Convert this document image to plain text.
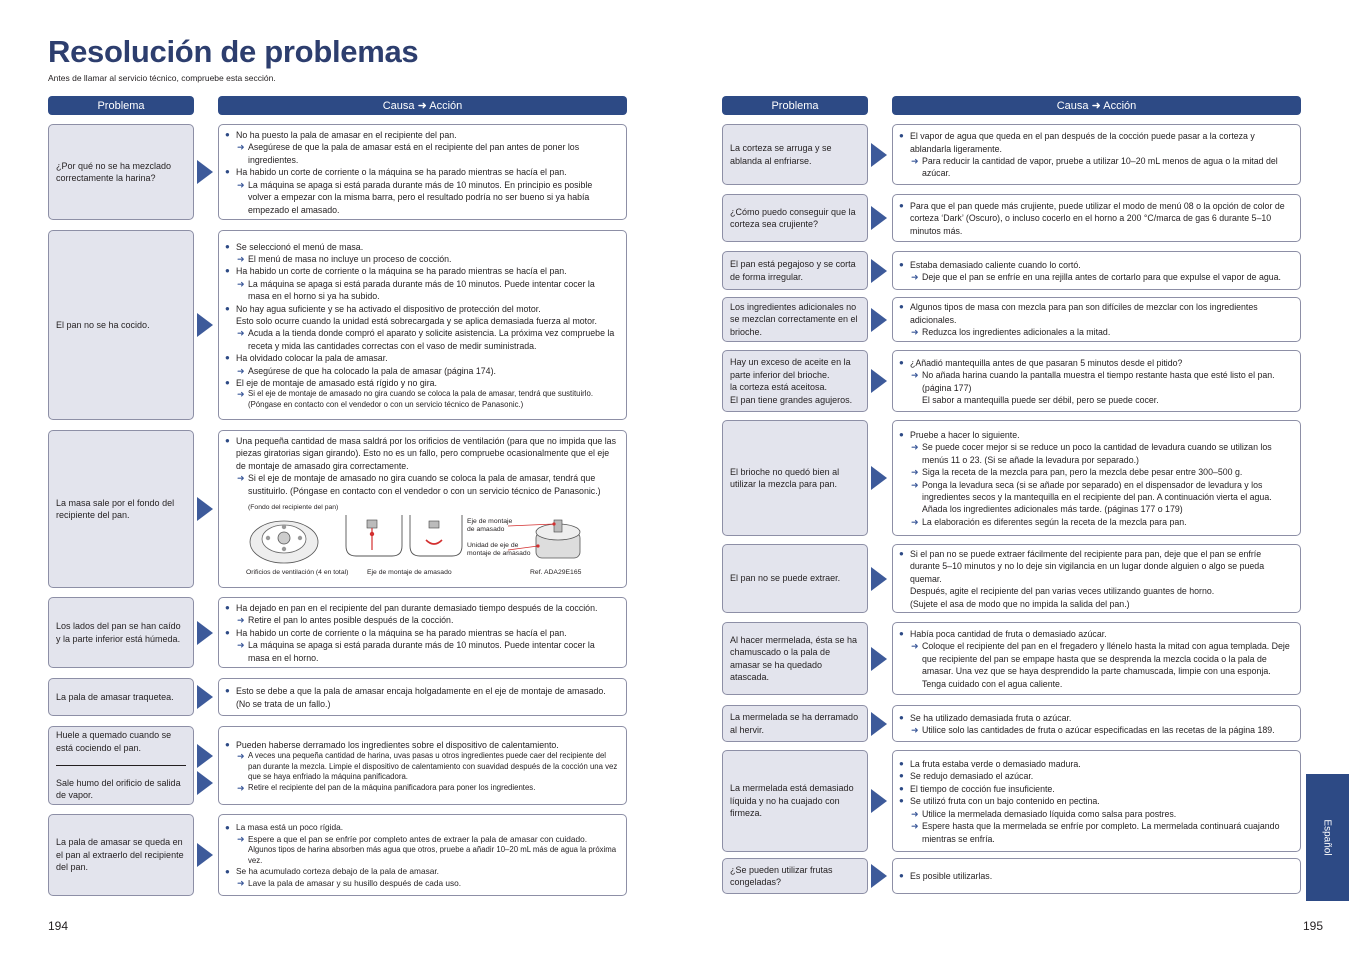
Resolución de problemas
Antes de llamar al servicio técnico, compruebe esta sección.
Problema	Causa ➜ Acción
¿Por qué no se ha mezclado correctamente la harina?
● No ha puesto la pala de amasar en el recipiente del pan.
➜ Asegúrese de que la pala de amasar está en el recipiente del pan antes de poner los ingredientes.
● Ha habido un corte de corriente o la máquina se ha parado mientras se hacía el pan.
➜ La máquina se apaga si está parada durante más de 10 minutos. En principio es posible volver a empezar con la misma barra, pero el resultado podría no ser bueno si ya había empezado el amasado.
El pan no se ha cocido.
● Se seleccionó el menú de masa.
➜ El menú de masa no incluye un proceso de cocción.
● Ha habido un corte de corriente o la máquina se ha parado mientras se hacía el pan.
➜ La máquina se apaga si está parada durante más de 10 minutos. Puede intentar cocer la masa en el horno si ya ha subido.
● No hay agua suficiente y se ha activado el dispositivo de protección del motor.
Esto solo ocurre cuando la unidad está sobrecargada y se aplica demasiada fuerza al motor.
➜ Acuda a la tienda donde compró el aparato y solicite asistencia. La próxima vez compruebe la receta y mida las cantidades correctas con el vaso de medir suministrada.
● Ha olvidado colocar la pala de amasar.
➜ Asegúrese de que ha colocado la pala de amasar (página 174).
● El eje de montaje de amasado está rígido y no gira.
➜ Si el eje de montaje de amasado no gira cuando se coloca la pala de amasar, tendrá que sustituirlo. (Póngase en contacto con el vendedor o con un servicio técnico de Panasonic.)
La masa sale por el fondo del recipiente del pan.
● Una pequeña cantidad de masa saldrá por los orificios de ventilación (para que no impida que las piezas giratorias sigan girando). Esto no es un fallo, pero compruebe ocasionalmente que el eje de montaje de amasado gira correctamente.
➜ Si el eje de montaje de amasado no gira cuando se coloca la pala de amasar, tendrá que sustituirlo. (Póngase en contacto con el vendedor o con un servicio técnico de Panasonic.)
Los lados del pan se han caído y la parte inferior está húmeda.
● Ha dejado en pan en el recipiente del pan durante demasiado tiempo después de la cocción.
➜ Retire el pan lo antes posible después de la cocción.
● Ha habido un corte de corriente o la máquina se ha parado mientras se hacía el pan.
➜ La máquina se apaga si está parada durante más de 10 minutos. Puede intentar cocer la masa en el horno.
La pala de amasar traquetea.
● Esto se debe a que la pala de amasar encaja holgadamente en el eje de montaje de amasado. (No se trata de un fallo.)
Huele a quemado cuando se está cociendo el pan.
Sale humo del orificio de salida de vapor.
● Pueden haberse derramado los ingredientes sobre el dispositivo de calentamiento.
➜ A veces una pequeña cantidad de harina, uvas pasas u otros ingredientes puede caer del recipiente del pan durante la mezcla. Limpie el dispositivo de calentamiento con suavidad después de la cocción una vez que se haya enfriado la máquina panificadora.
➜ Retire el recipiente del pan de la máquina panificadora para poner los ingredientes.
La pala de amasar se queda en el pan al extraerlo del recipiente del pan.
● La masa está un poco rígida.
➜ Espere a que el pan se enfríe por completo antes de extraer la pala de amasar con cuidado.
Algunos tipos de harina absorben más agua que otros, pruebe a añadir 10–20 mL más de agua la próxima vez.
● Se ha acumulado corteza debajo de la pala de amasar.
➜ Lave la pala de amasar y su husillo después de cada uso.
Problema	Causa ➜ Acción
La corteza se arruga y se ablanda al enfriarse.
● El vapor de agua que queda en el pan después de la cocción puede pasar a la corteza y ablandarla ligeramente.
➜ Para reducir la cantidad de vapor, pruebe a utilizar 10–20 mL menos de agua o la mitad del azúcar.
¿Cómo puedo conseguir que la corteza sea crujiente?
● Para que el pan quede más crujiente, puede utilizar el modo de menú 08 o la opción de color de corteza ‘Dark’ (Oscuro), o incluso cocerlo en el horno a 200 °C/marca de gas 6 durante 5–10 minutos más.
El pan está pegajoso y se corta de forma irregular.
● Estaba demasiado caliente cuando lo cortó.
➜ Deje que el pan se enfríe en una rejilla antes de cortarlo para que expulse el vapor de agua.
Los ingredientes adicionales no se mezclan correctamente en el brioche.
● Algunos tipos de masa con mezcla para pan son difíciles de mezclar con los ingredientes adicionales.
➜ Reduzca los ingredientes adicionales a la mitad.
Hay un exceso de aceite en la parte inferior del brioche.
la corteza está aceitosa.
El pan tiene grandes agujeros.
● ¿Añadió mantequilla antes de que pasaran 5 minutos desde el pitido?
➜ No añada harina cuando la pantalla muestra el tiempo restante hasta que esté listo el pan. (página 177)
El sabor a mantequilla puede ser débil, pero se puede cocer.
El brioche no quedó bien al utilizar la mezcla para pan.
● Pruebe a hacer lo siguiente.
➜ Se puede cocer mejor si se reduce un poco la cantidad de levadura cuando se utilizan los menús 11 o 23. (Si se añade la levadura por separado.)
➜ Siga la receta de la mezcla para pan, pero la mezcla debe pesar entre 300–500 g.
➜ Ponga la levadura seca (si se añade por separado) en el dispensador de levadura y los ingredientes secos y la mantequilla en el recipiente del pan. A continuación vierta el agua. Añada los ingredientes adicionales más tarde. (páginas 177 o 179)
➜ La elaboración es diferentes según la receta de la mezcla para pan.
El pan no se puede extraer.
● Si el pan no se puede extraer fácilmente del recipiente para pan, deje que el pan se enfríe durante 5–10 minutos y no lo deje sin vigilancia en un lugar donde alguien o algo se pueda quemar.
Después, agite el recipiente del pan varias veces utilizando guantes de horno.
(Sujete el asa de modo que no impida la salida del pan.)
Al hacer mermelada, ésta se ha chamuscado o la pala de amasar se ha quedado atascada.
● Había poca cantidad de fruta o demasiado azúcar.
➜ Coloque el recipiente del pan en el fregadero y llénelo hasta la mitad con agua templada. Deje que recipiente del pan se empape hasta que se desprenda la mezcla cocida o la pala de amasar. Una vez que se haya desprendido la parte chamuscada, limpie con una esponja. Tenga cuidado con el agua caliente.
La mermelada se ha derramado al hervir.
● Se ha utilizado demasiada fruta o azúcar.
➜ Utilice solo las cantidades de fruta o azúcar especificadas en las recetas de la página 189.
La mermelada está demasiado líquida y no ha cuajado con firmeza.
● La fruta estaba verde o demasiado madura.
● Se redujo demasiado el azúcar.
● El tiempo de cocción fue insuficiente.
● Se utilizó fruta con un bajo contenido en pectina.
➜ Utilice la mermelada demasiado líquida como salsa para postres.
➜ Espere hasta que la mermelada se enfríe por completo. La mermelada continuará cuajando mientras se enfría.
¿Se pueden utilizar frutas congeladas?
● Es posible utilizarlas.
(Fondo del recipiente del pan)
Orificios de ventilación (4 en total)	Eje de montaje de amasado
Eje de montaje
de amasado
Unidad de eje de
montaje de amasado
Ref. ADA29E165
194	195
Español
